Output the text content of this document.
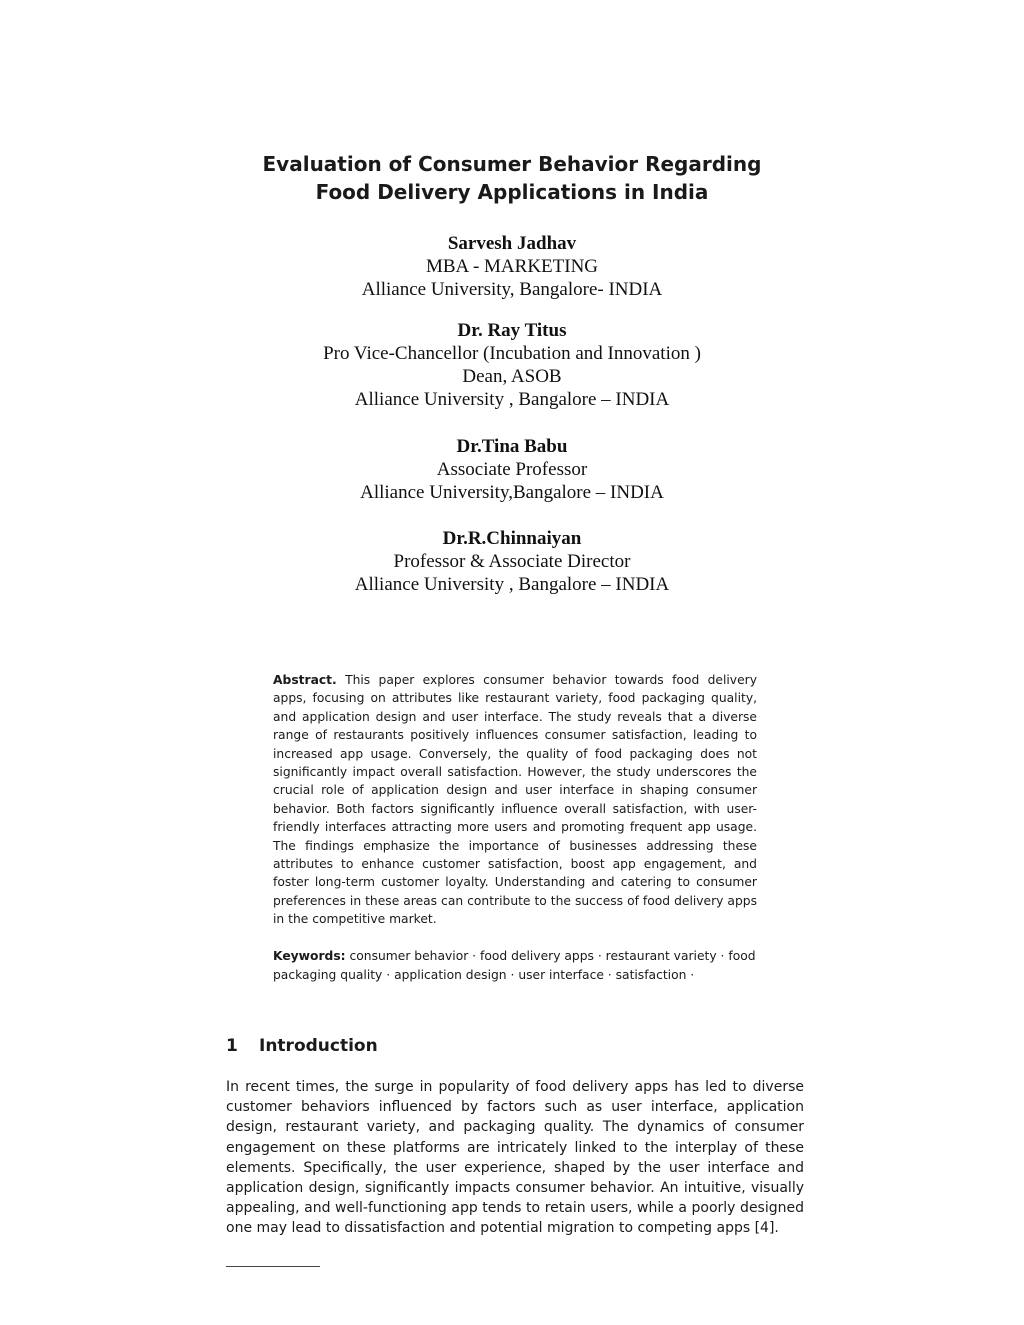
Evaluation of Consumer Behavior Regarding
Food Delivery Applications in India
Sarvesh Jadhav
MBA - MARKETING
Alliance University, Bangalore- INDIA
Dr. Ray Titus
Pro Vice-Chancellor (Incubation and Innovation )
Dean, ASOB
Alliance University , Bangalore – INDIA
Dr.Tina Babu
Associate Professor
Alliance University,Bangalore – INDIA
Dr.R.Chinnaiyan
Professor & Associate Director
Alliance University , Bangalore – INDIA
Abstract. This paper explores consumer behavior towards food delivery apps, focusing on attributes like restaurant variety, food packaging quality, and application design and user interface. The study reveals that a diverse range of restaurants positively influences consumer satisfaction, leading to increased app usage. Conversely, the quality of food packaging does not significantly impact overall satisfaction. However, the study underscores the crucial role of application design and user interface in shaping consumer behavior. Both factors significantly influence overall satisfaction, with user-friendly interfaces attracting more users and promoting frequent app usage. The findings emphasize the importance of businesses addressing these attributes to enhance customer satisfaction, boost app engagement, and foster long-term customer loyalty. Understanding and catering to consumer preferences in these areas can contribute to the success of food delivery apps in the competitive market.
Keywords: consumer behavior · food delivery apps · restaurant variety · food packaging quality · application design · user interface · satisfaction ·
1 Introduction
In recent times, the surge in popularity of food delivery apps has led to diverse customer behaviors influenced by factors such as user interface, application design, restaurant variety, and packaging quality. The dynamics of consumer engagement on these platforms are intricately linked to the interplay of these elements. Specifically, the user experience, shaped by the user interface and application design, significantly impacts consumer behavior. An intuitive, visually appealing, and well-functioning app tends to retain users, while a poorly designed one may lead to dissatisfaction and potential migration to competing apps [4].
